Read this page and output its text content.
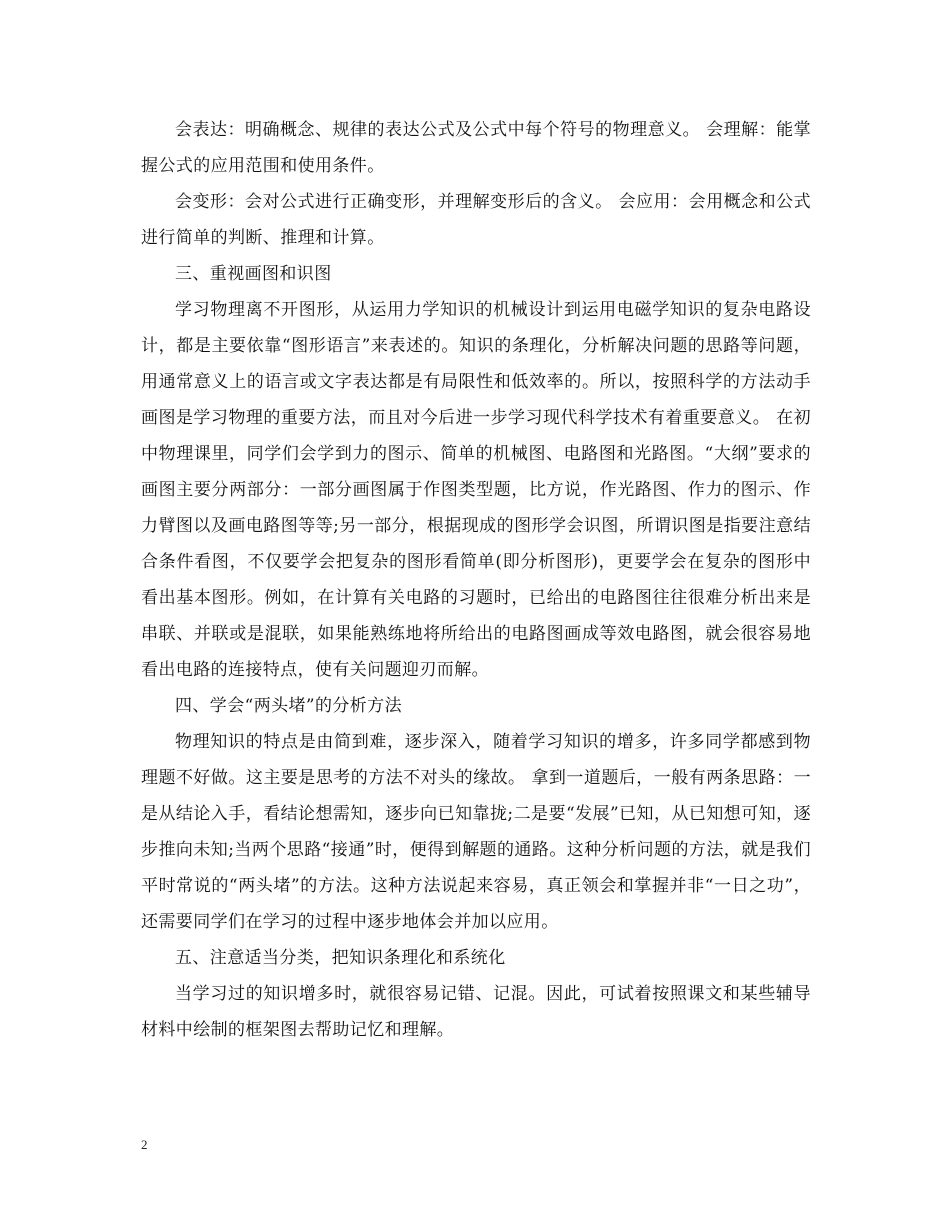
会表达：明确概念、规律的表达公式及公式中每个符号的物理意义。 会理解：能掌握公式的应用范围和使用条件。

会变形：会对公式进行正确变形，并理解变形后的含义。 会应用：会用概念和公式进行简单的判断、推理和计算。

三、重视画图和识图

学习物理离不开图形，从运用力学知识的机械设计到运用电磁学知识的复杂电路设计，都是主要依靠“图形语言”来表述的。知识的条理化，分析解决问题的思路等问题，用通常意义上的语言或文字表达都是有局限性和低效率的。所以，按照科学的方法动手画图是学习物理的重要方法，而且对今后进一步学习现代科学技术有着重要意义。 在初中物理课里，同学们会学到力的图示、简单的机械图、电路图和光路图。“大纲”要求的画图主要分两部分：一部分画图属于作图类型题，比方说，作光路图、作力的图示、作力臂图以及画电路图等等;另一部分，根据现成的图形学会识图，所谓识图是指要注意结合条件看图，不仅要学会把复杂的图形看简单(即分析图形)，更要学会在复杂的图形中看出基本图形。例如，在计算有关电路的习题时，已给出的电路图往往很难分析出来是串联、并联或是混联，如果能熟练地将所给出的电路图画成等效电路图，就会很容易地看出电路的连接特点，使有关问题迎刃而解。

四、学会“两头堵”的分析方法

物理知识的特点是由简到难，逐步深入，随着学习知识的增多，许多同学都感到物理题不好做。这主要是思考的方法不对头的缘故。 拿到一道题后，一般有两条思路：一是从结论入手，看结论想需知，逐步向已知靠拢;二是要“发展”已知，从已知想可知，逐步推向未知;当两个思路“接通”时，便得到解题的通路。这种分析问题的方法，就是我们平时常说的“两头堵”的方法。这种方法说起来容易，真正领会和掌握并非“一日之功”，还需要同学们在学习的过程中逐步地体会并加以应用。

五、注意适当分类，把知识条理化和系统化

当学习过的知识增多时，就很容易记错、记混。因此，可试着按照课文和某些辅导材料中绘制的框架图去帮助记忆和理解。

2
